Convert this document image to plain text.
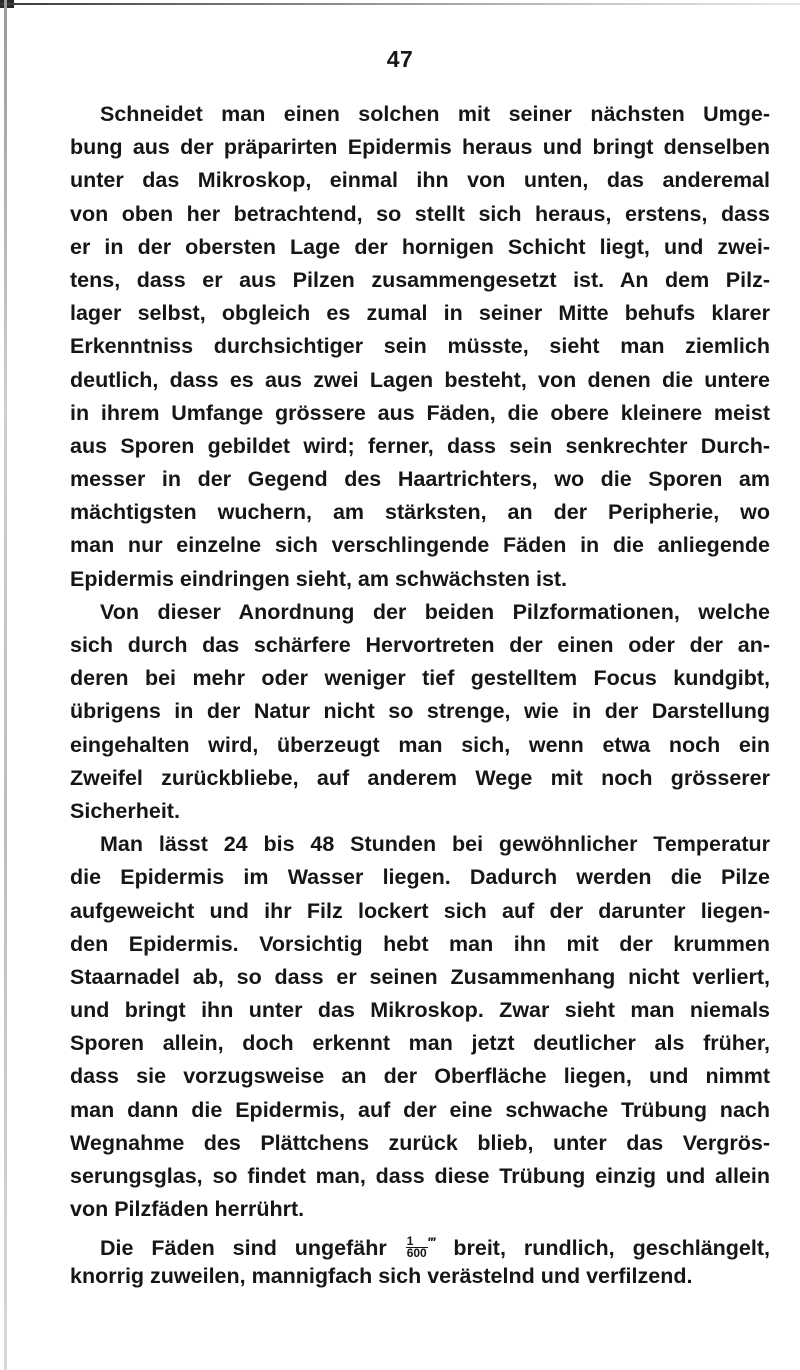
47
Schneidet man einen solchen mit seiner nächsten Umge-
bung aus der präparirten Epidermis heraus und bringt denselben
unter das Mikroskop, einmal ihn von unten, das anderemal
von oben her betrachtend, so stellt sich heraus, erstens, dass
er in der obersten Lage der hornigen Schicht liegt, und zwei-
tens, dass er aus Pilzen zusammengesetzt ist. An dem Pilz-
lager selbst, obgleich es zumal in seiner Mitte behufs klarer
Erkenntniss durchsichtiger sein müsste, sieht man ziemlich
deutlich, dass es aus zwei Lagen besteht, von denen die untere
in ihrem Umfange grössere aus Fäden, die obere kleinere meist
aus Sporen gebildet wird; ferner, dass sein senkrechter Durch-
messer in der Gegend des Haartrichters, wo die Sporen am
mächtigsten wuchern, am stärksten, an der Peripherie, wo
man nur einzelne sich verschlingende Fäden in die anliegende
Epidermis eindringen sieht, am schwächsten ist.
Von dieser Anordnung der beiden Pilzformationen, welche
sich durch das schärfere Hervortreten der einen oder der an-
deren bei mehr oder weniger tief gestelltem Focus kundgibt,
übrigens in der Natur nicht so strenge, wie in der Darstellung
eingehalten wird, überzeugt man sich, wenn etwa noch ein
Zweifel zurückbliebe, auf anderem Wege mit noch grösserer
Sicherheit.
Man lässt 24 bis 48 Stunden bei gewöhnlicher Temperatur
die Epidermis im Wasser liegen. Dadurch werden die Pilze
aufgeweicht und ihr Filz lockert sich auf der darunter liegen-
den Epidermis. Vorsichtig hebt man ihn mit der krummen
Staarnadel ab, so dass er seinen Zusammenhang nicht verliert,
und bringt ihn unter das Mikroskop. Zwar sieht man niemals
Sporen allein, doch erkennt man jetzt deutlicher als früher,
dass sie vorzugsweise an der Oberfläche liegen, und nimmt
man dann die Epidermis, auf der eine schwache Trübung nach
Wegnahme des Plättchens zurück blieb, unter das Vergrös-
serungsglas, so findet man, dass diese Trübung einzig und allein
von Pilzfäden herrührt.
Die Fäden sind ungefähr $\frac{1}{600} ^‴$ breit, rundlich, geschlängelt,
knorrig zuweilen, mannigfach sich verästelnd und verfilzend.
